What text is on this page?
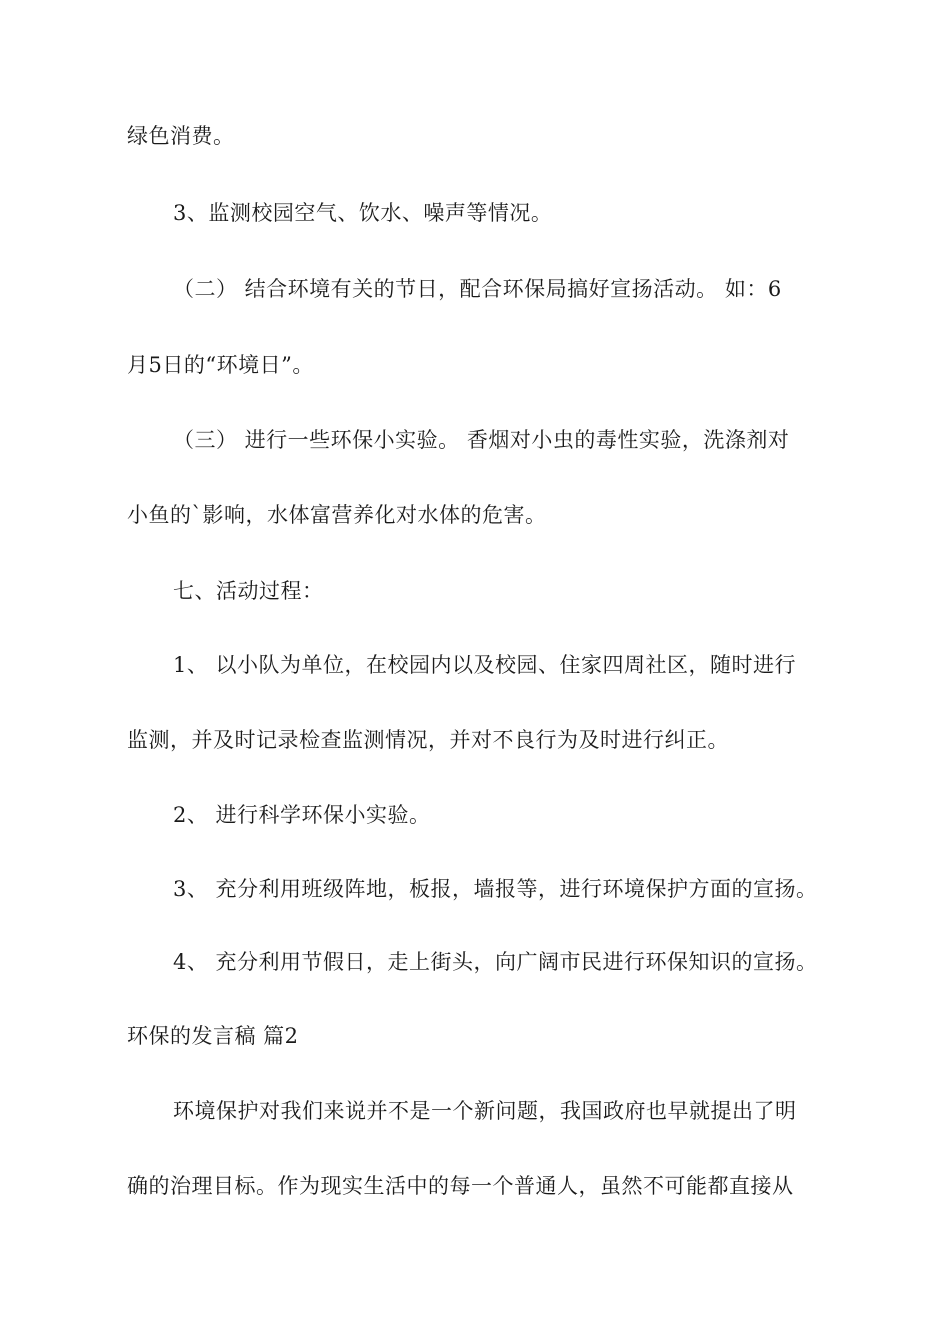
绿色消费。
3、监测校园空气、饮水、噪声等情况。
（二） 结合环境有关的节日，配合环保局搞好宣扬活动。 如：6
月5日的“环境日”。
（三） 进行一些环保小实验。 香烟对小虫的毒性实验，洗涤剂对
小鱼的`影响，水体富营养化对水体的危害。
七、活动过程：
1、 以小队为单位，在校园内以及校园、住家四周社区，随时进行
监测，并及时记录检查监测情况，并对不良行为及时进行纠正。
2、 进行科学环保小实验。
3、 充分利用班级阵地，板报，墙报等，进行环境保护方面的宣扬。
4、 充分利用节假日，走上街头，向广阔市民进行环保知识的宣扬。
环保的发言稿 篇2
环境保护对我们来说并不是一个新问题，我国政府也早就提出了明
确的治理目标。作为现实生活中的每一个普通人，虽然不可能都直接从
